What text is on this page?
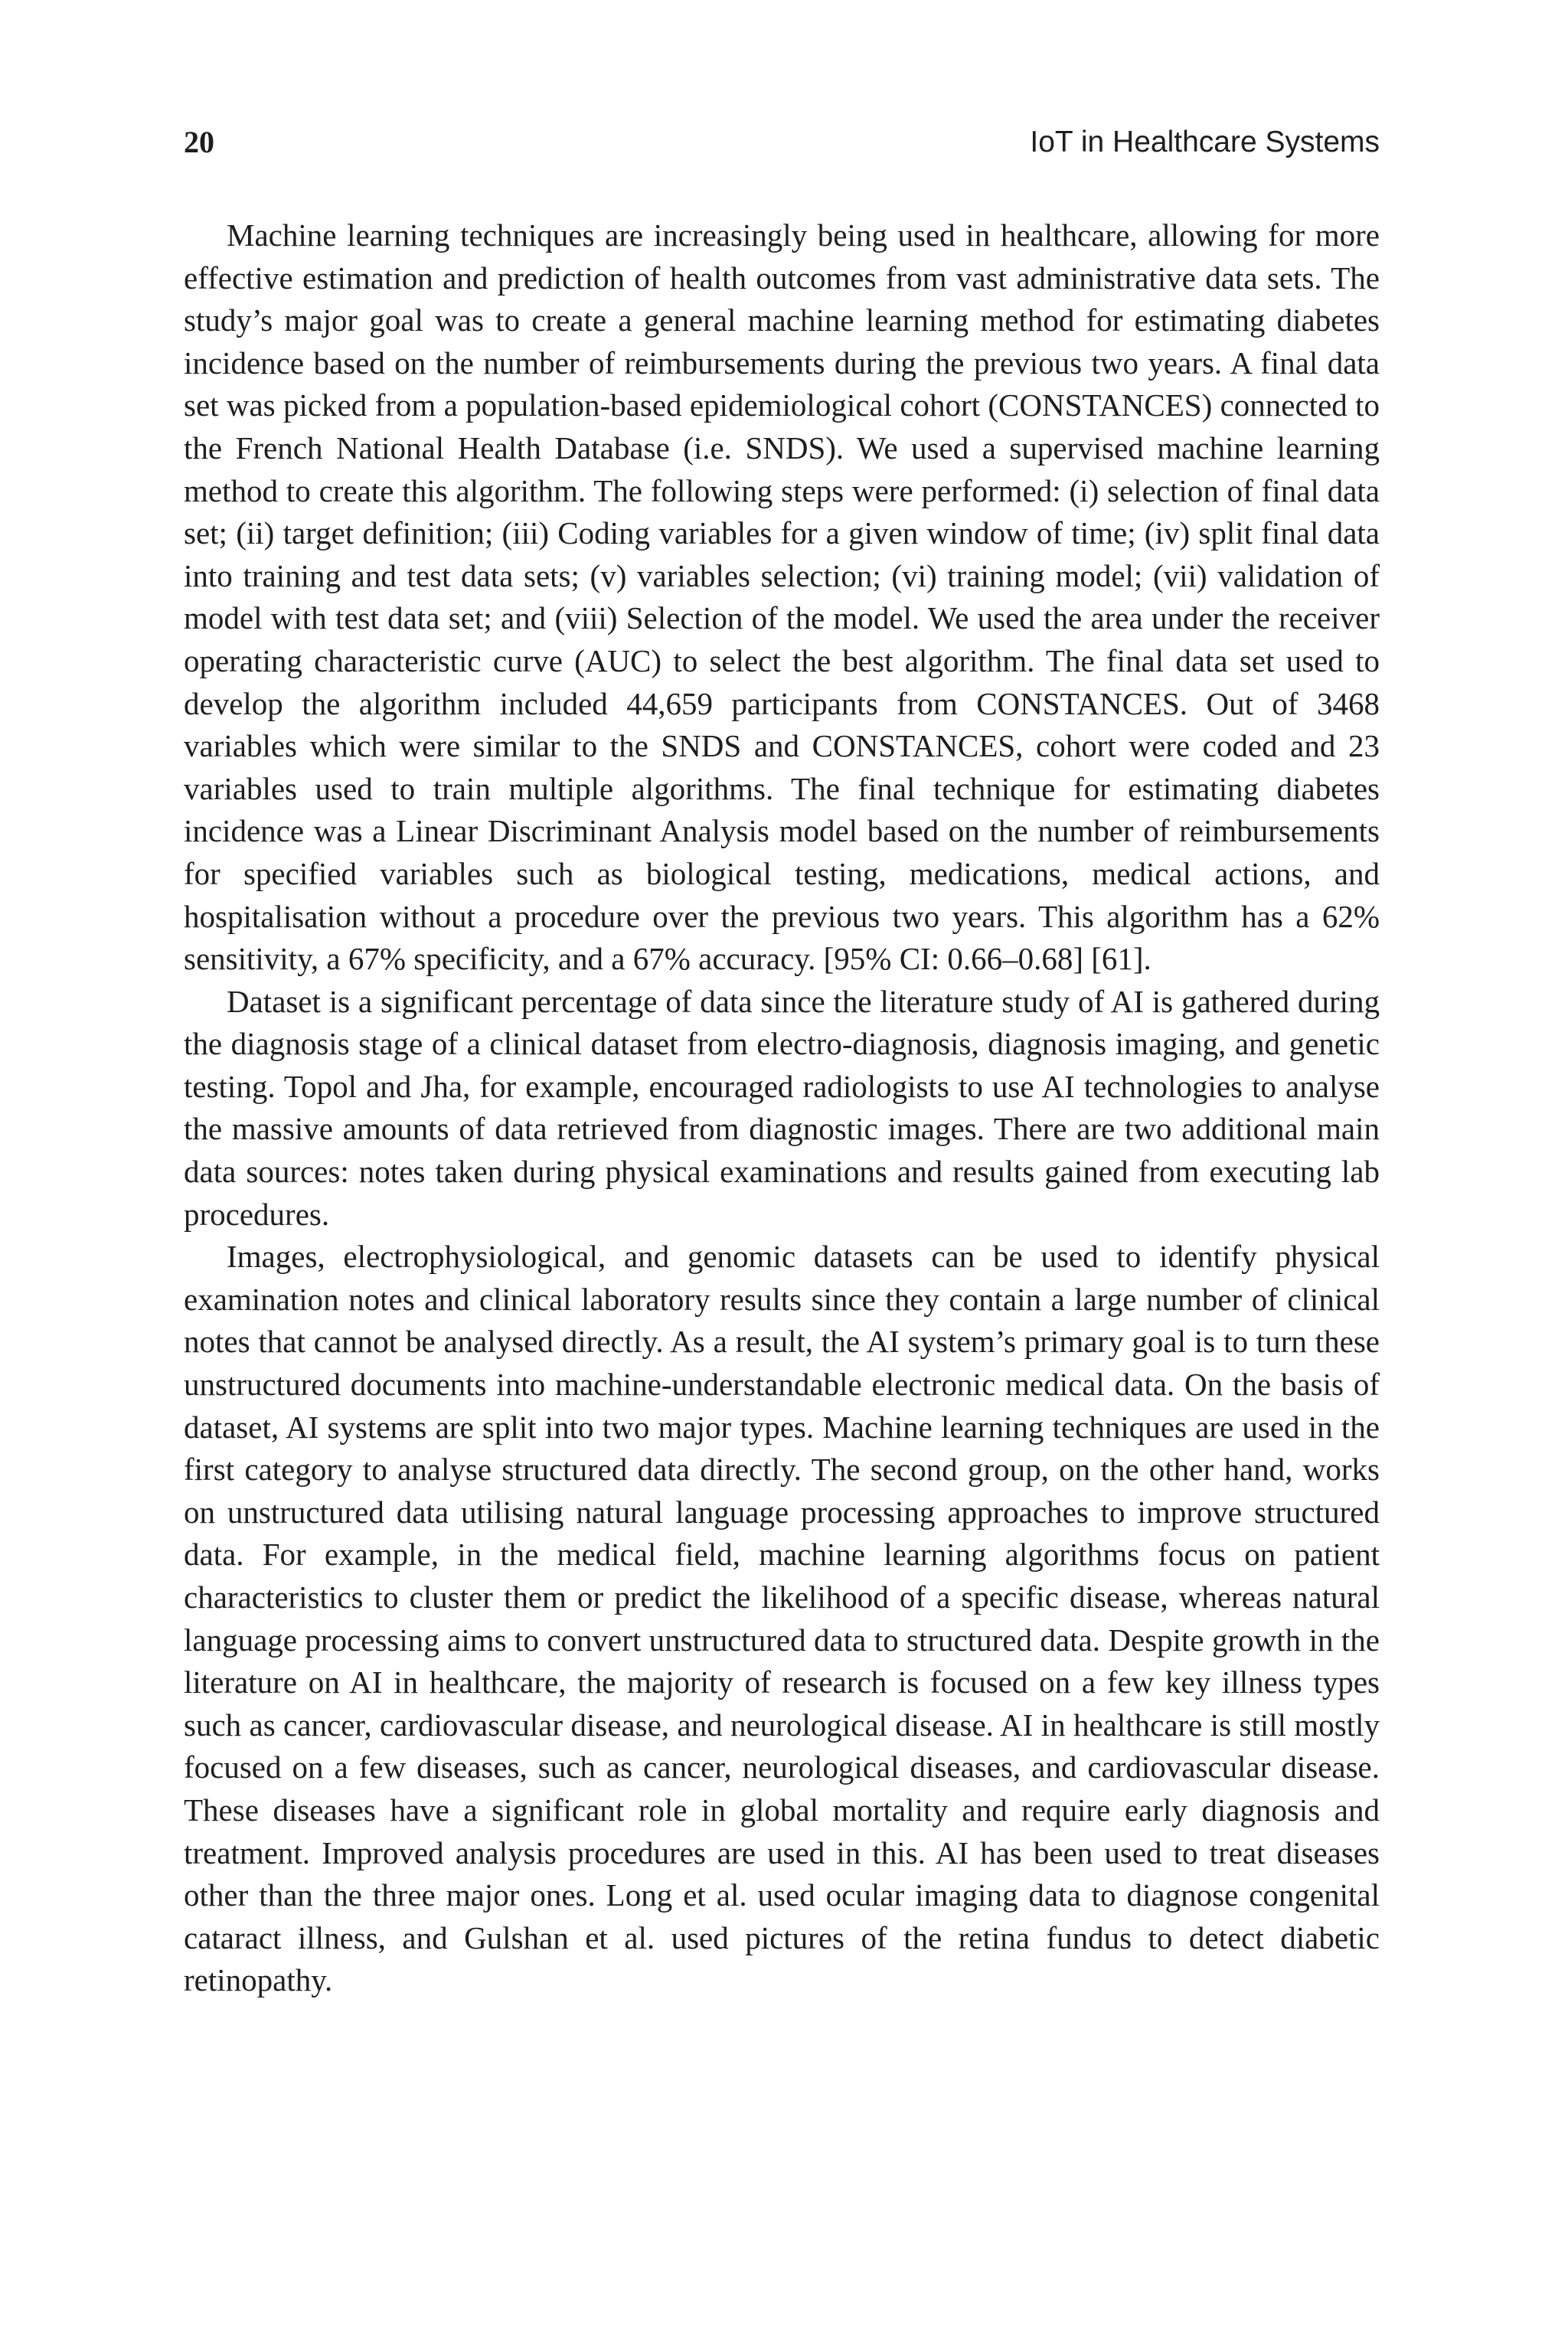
20	IoT in Healthcare Systems

Machine learning techniques are increasingly being used in healthcare, allowing for more effective estimation and prediction of health outcomes from vast administrative data sets. The study’s major goal was to create a general machine learning method for estimating diabetes incidence based on the number of reimbursements during the previous two years. A final data set was picked from a population-based epidemiological cohort (CONSTANCES) connected to the French National Health Database (i.e. SNDS). We used a supervised machine learning method to create this algorithm. The following steps were performed: (i) selection of final data set; (ii) target definition; (iii) Coding variables for a given window of time; (iv) split final data into training and test data sets; (v) variables selection; (vi) training model; (vii) validation of model with test data set; and (viii) Selection of the model. We used the area under the receiver operating characteristic curve (AUC) to select the best algorithm. The final data set used to develop the algorithm included 44,659 participants from CONSTANCES. Out of 3468 variables which were similar to the SNDS and CONSTANCES, cohort were coded and 23 variables used to train multiple algorithms. The final technique for estimating diabetes incidence was a Linear Discriminant Analysis model based on the number of reimbursements for specified variables such as biological testing, medications, medical actions, and hospitalisation without a procedure over the previous two years. This algorithm has a 62% sensitivity, a 67% specificity, and a 67% accuracy. [95% CI: 0.66–0.68] [61].

Dataset is a significant percentage of data since the literature study of AI is gathered during the diagnosis stage of a clinical dataset from electro-diagnosis, diagnosis imaging, and genetic testing. Topol and Jha, for example, encouraged radiologists to use AI technologies to analyse the massive amounts of data retrieved from diagnostic images. There are two additional main data sources: notes taken during physical examinations and results gained from executing lab procedures.

Images, electrophysiological, and genomic datasets can be used to identify physical examination notes and clinical laboratory results since they contain a large number of clinical notes that cannot be analysed directly. As a result, the AI system’s primary goal is to turn these unstructured documents into machine-understandable electronic medical data. On the basis of dataset, AI systems are split into two major types. Machine learning techniques are used in the first category to analyse structured data directly. The second group, on the other hand, works on unstructured data utilising natural language processing approaches to improve structured data. For example, in the medical field, machine learning algorithms focus on patient characteristics to cluster them or predict the likelihood of a specific disease, whereas natural language processing aims to convert unstructured data to structured data. Despite growth in the literature on AI in healthcare, the majority of research is focused on a few key illness types such as cancer, cardiovascular disease, and neurological disease. AI in healthcare is still mostly focused on a few diseases, such as cancer, neurological diseases, and cardiovascular disease. These diseases have a significant role in global mortality and require early diagnosis and treatment. Improved analysis procedures are used in this. AI has been used to treat diseases other than the three major ones. Long et al. used ocular imaging data to diagnose congenital cataract illness, and Gulshan et al. used pictures of the retina fundus to detect diabetic retinopathy.
